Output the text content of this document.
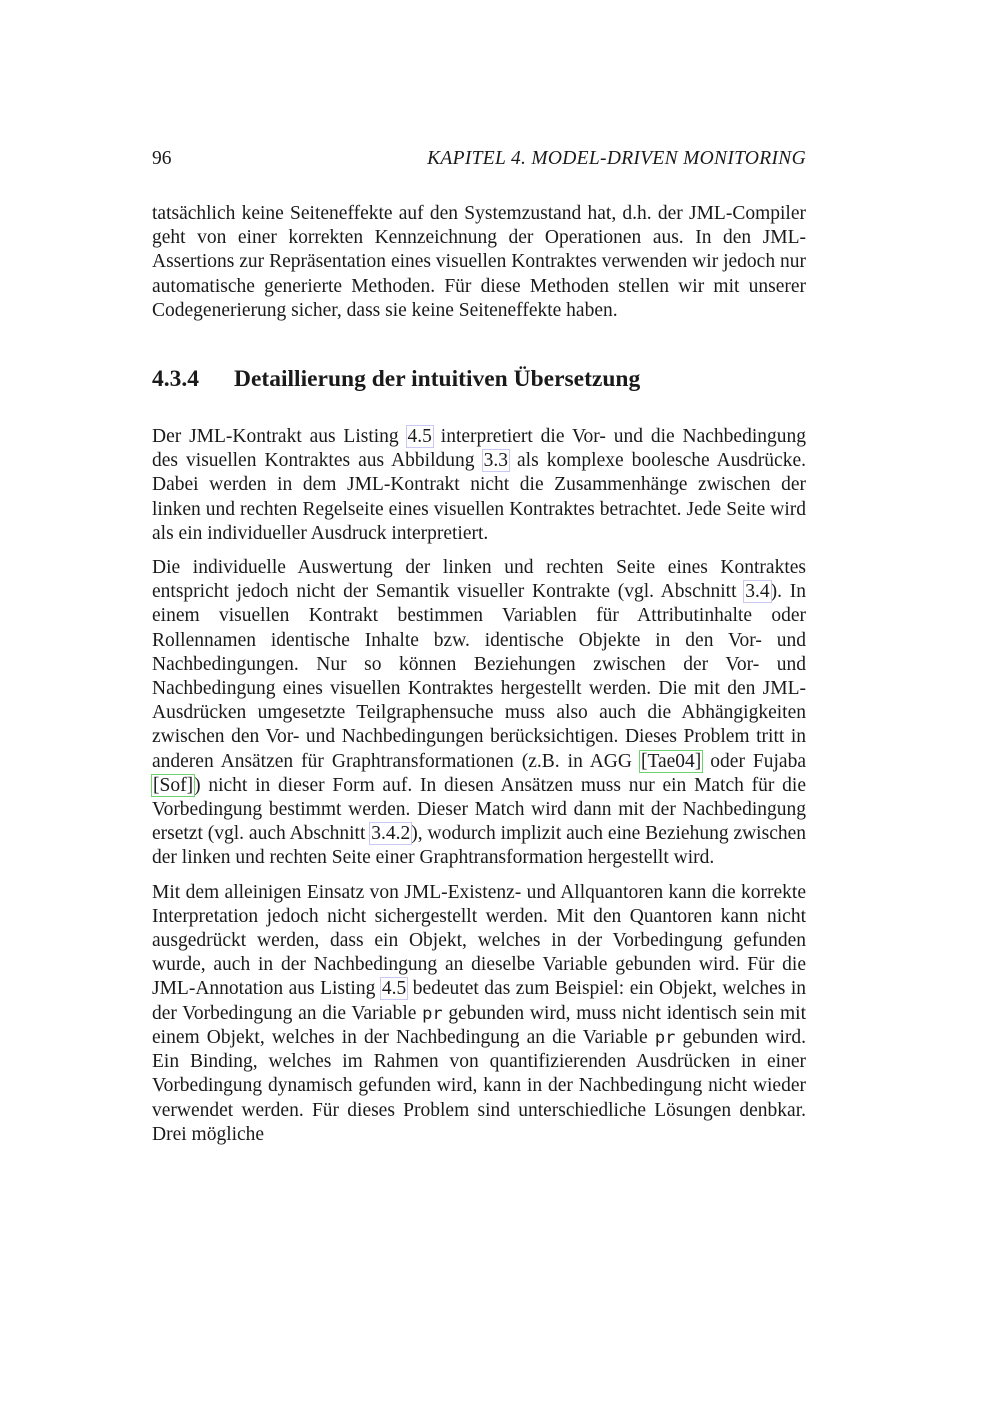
96	KAPITEL 4. MODEL-DRIVEN MONITORING

tatsächlich keine Seiteneffekte auf den Systemzustand hat, d.h. der JML-Compiler geht von einer korrekten Kennzeichnung der Operationen aus. In den JML-Assertions zur Repräsentation eines visuellen Kontraktes verwenden wir jedoch nur automatische generierte Methoden. Für diese Methoden stellen wir mit unserer Codegenerierung sicher, dass sie keine Seiteneffekte haben.

4.3.4	Detaillierung der intuitiven Übersetzung

Der JML-Kontrakt aus Listing 4.5 interpretiert die Vor- und die Nachbedingung des visuellen Kontraktes aus Abbildung 3.3 als komplexe boolesche Ausdrücke. Dabei werden in dem JML-Kontrakt nicht die Zusammenhänge zwischen der linken und rechten Regelseite eines visuellen Kontraktes betrachtet. Jede Seite wird als ein individueller Ausdruck interpretiert.

Die individuelle Auswertung der linken und rechten Seite eines Kontraktes entspricht jedoch nicht der Semantik visueller Kontrakte (vgl. Abschnitt 3.4). In einem visuellen Kontrakt bestimmen Variablen für Attributinhalte oder Rollennamen identische Inhalte bzw. identische Objekte in den Vor- und Nachbedingungen. Nur so können Beziehungen zwischen der Vor- und Nachbedingung eines visuellen Kontraktes hergestellt werden. Die mit den JML-Ausdrücken umgesetzte Teilgraphensuche muss also auch die Abhängigkeiten zwischen den Vor- und Nachbedingungen berücksichtigen. Dieses Problem tritt in anderen Ansätzen für Graphtransformationen (z.B. in AGG [Tae04] oder Fujaba [Sof]) nicht in dieser Form auf. In diesen Ansätzen muss nur ein Match für die Vorbedingung bestimmt werden. Dieser Match wird dann mit der Nachbedingung ersetzt (vgl. auch Abschnitt 3.4.2), wodurch implizit auch eine Beziehung zwischen der linken und rechten Seite einer Graphtransformation hergestellt wird.

Mit dem alleinigen Einsatz von JML-Existenz- und Allquantoren kann die korrekte Interpretation jedoch nicht sichergestellt werden. Mit den Quantoren kann nicht ausgedrückt werden, dass ein Objekt, welches in der Vorbedingung gefunden wurde, auch in der Nachbedingung an dieselbe Variable gebunden wird. Für die JML-Annotation aus Listing 4.5 bedeutet das zum Beispiel: ein Objekt, welches in der Vorbedingung an die Variable pr gebunden wird, muss nicht identisch sein mit einem Objekt, welches in der Nachbedingung an die Variable pr gebunden wird. Ein Binding, welches im Rahmen von quantifizierenden Ausdrücken in einer Vorbedingung dynamisch gefunden wird, kann in der Nachbedingung nicht wieder verwendet werden. Für dieses Problem sind unterschiedliche Lösungen denbkar. Drei mögliche
